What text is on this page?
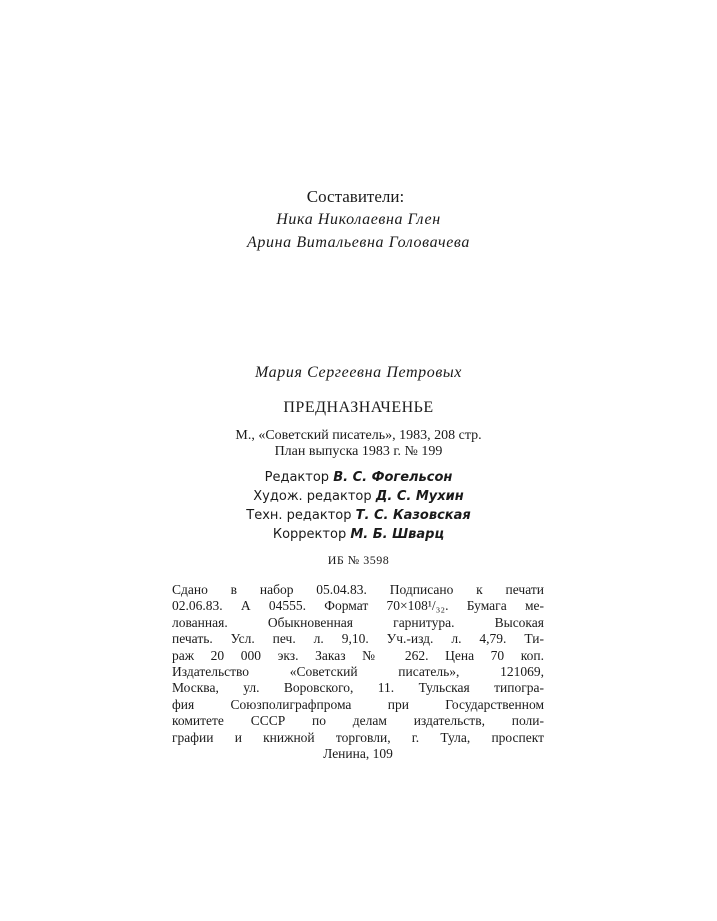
Составители:
Ника Николаевна Глен
Арина Витальевна Головачева
Мария Сергеевна Петровых
ПРЕДНАЗНАЧЕНЬЕ
М., «Советский писатель», 1983, 208 стр.
План выпуска 1983 г. № 199
Редактор В. С. Фогельсон
Худож. редактор Д. С. Мухин
Техн. редактор Т. С. Казовская
Корректор М. Б. Шварц
ИБ № 3598
Сдано в набор 05.04.83. Подписано к печати
02.06.83. А 04555. Формат 70×108¹/₃₂. Бумага ме-
лованная. Обыкновенная гарнитура. Высокая
печать. Усл. печ. л. 9,10. Уч.-изд. л. 4,79. Ти-
раж 20 000 экз. Заказ № 262. Цена 70 коп.
Издательство «Советский писатель», 121069,
Москва, ул. Воровского, 11. Тульская типогра-
фия Союзполиграфпрома при Государственном
комитете СССР по делам издательств, поли-
графии и книжной торговли, г. Тула, проспект
Ленина, 109
